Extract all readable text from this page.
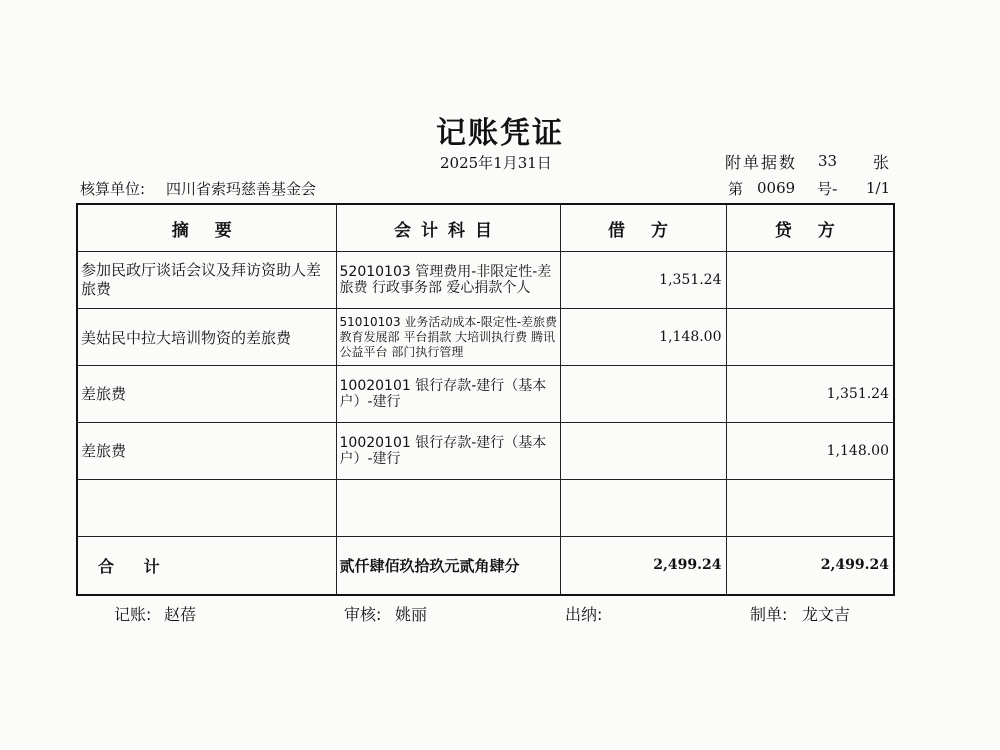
记账凭证
2025年1月31日	附单据数 33 张
核算单位: 四川省索玛慈善基金会	第 0069 号- 1/1
摘 要	会计科目	借 方	贷 方
参加民政厅谈话会议及拜访资助人差旅费	52010103 管理费用-非限定性-差旅费 行政事务部 爱心捐款个人	1,351.24	
美姑民中拉大培训物资的差旅费	51010103 业务活动成本-限定性-差旅费 教育发展部 平台捐款 大培训执行费 腾讯公益平台 部门执行管理	1,148.00	
差旅费	10020101 银行存款-建行（基本户）-建行		1,351.24
差旅费	10020101 银行存款-建行（基本户）-建行		1,148.00

合 计	贰仟肆佰玖拾玖元贰角肆分	2,499.24	2,499.24
记账: 赵蓓	审核: 姚丽	出纳:	制单: 龙文吉
